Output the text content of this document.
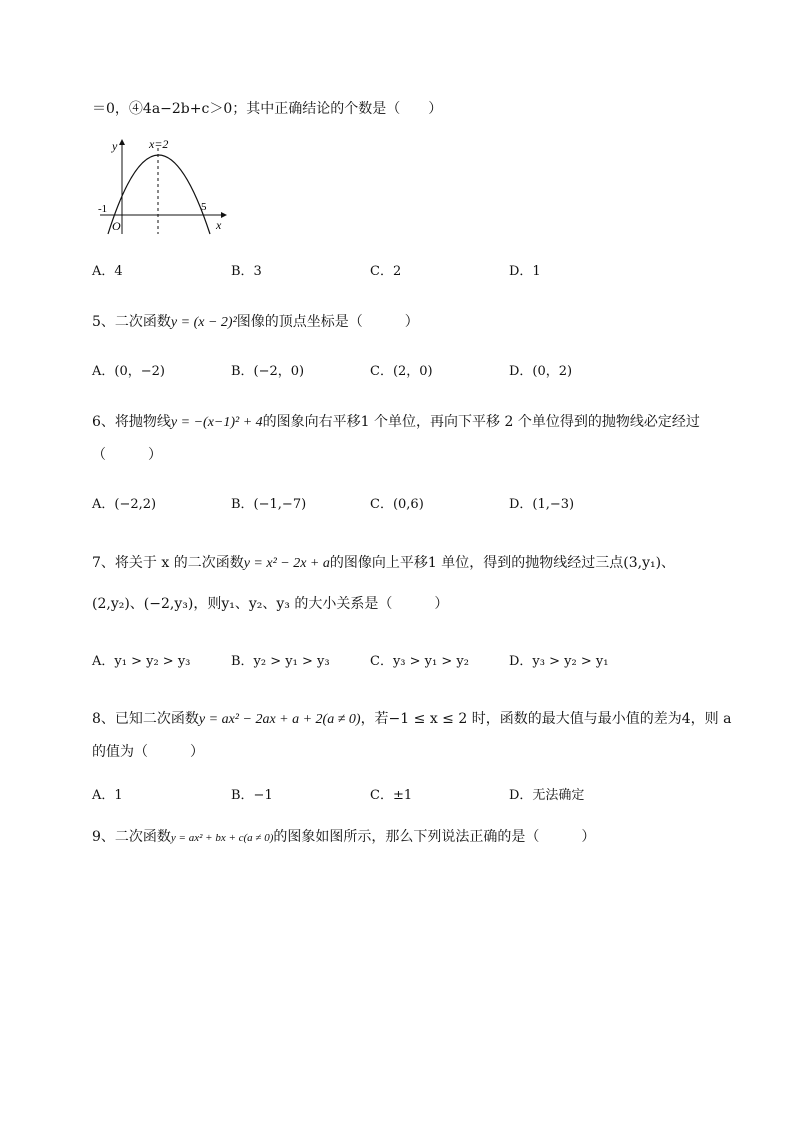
＝0，④4a−2b+c＞0；其中正确结论的个数是（　　）
y
x
x=2
-1	5
O
A．4	B．3	C．2	D．1
5、二次函数y = (x − 2)²图像的顶点坐标是（　　　）
A．(0，−2)	B．(−2，0)	C．(2，0)	D．(0，2)
6、将抛物线y = −(x−1)² + 4的图象向右平移1 个单位，再向下平移 2 个单位得到的抛物线必定经过
（　　　）
A．(−2,2)	B．(−1,−7)	C．(0,6)	D．(1,−3)
7、将关于 x 的二次函数y = x² − 2x + a的图像向上平移1 单位，得到的抛物线经过三点(3,y₁)、
(2,y₂)、(−2,y₃)，则y₁、y₂、y₃ 的大小关系是（　　　）
A．y₁ > y₂ > y₃	B．y₂ > y₁ > y₃	C．y₃ > y₁ > y₂	D．y₃ > y₂ > y₁
8、已知二次函数y = ax² − 2ax + a + 2(a ≠ 0)，若−1 ≤ x ≤ 2 时，函数的最大值与最小值的差为4，则 a
的值为（　　　）
A．1	B．−1	C．±1	D．无法确定
9、二次函数y = ax² + bx + c(a ≠ 0)的图象如图所示，那么下列说法正确的是（　　　）
